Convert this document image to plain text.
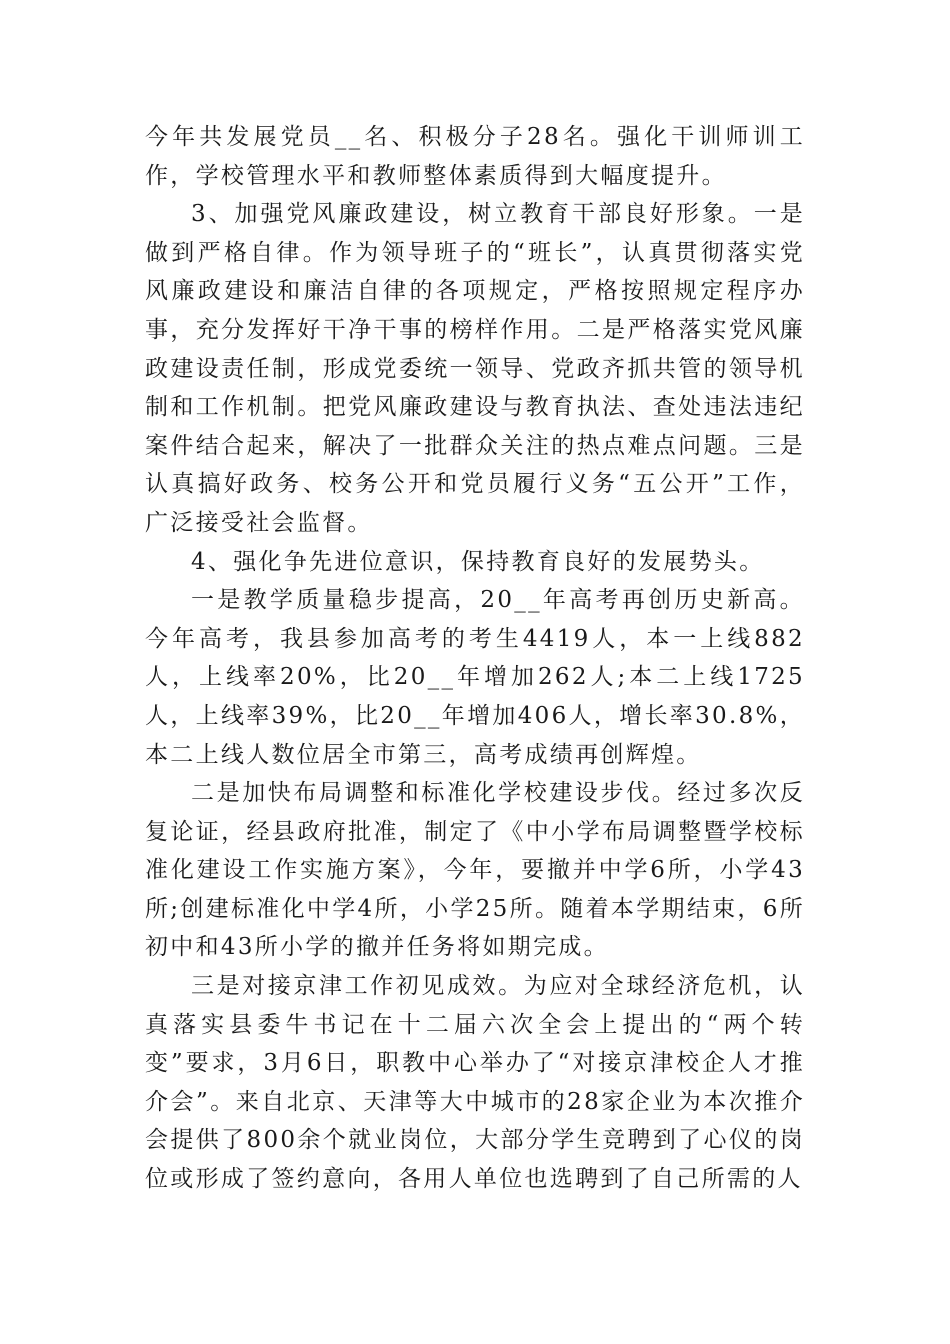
今年共发展党员__名、积极分子28名。强化干训师训工作，学校管理水平和教师整体素质得到大幅度提升。

3、加强党风廉政建设，树立教育干部良好形象。一是做到严格自律。作为领导班子的“班长”，认真贯彻落实党风廉政建设和廉洁自律的各项规定，严格按照规定程序办事，充分发挥好干净干事的榜样作用。二是严格落实党风廉政建设责任制，形成党委统一领导、党政齐抓共管的领导机制和工作机制。把党风廉政建设与教育执法、查处违法违纪案件结合起来，解决了一批群众关注的热点难点问题。三是认真搞好政务、校务公开和党员履行义务“五公开”工作，广泛接受社会监督。

4、强化争先进位意识，保持教育良好的发展势头。

一是教学质量稳步提高，20__年高考再创历史新高。今年高考，我县参加高考的考生4419人，本一上线882人，上线率20%，比20__年增加262人;本二上线1725人，上线率39%，比20__年增加406人，增长率30.8%，本二上线人数位居全市第三，高考成绩再创辉煌。

二是加快布局调整和标准化学校建设步伐。经过多次反复论证，经县政府批准，制定了《中小学布局调整暨学校标准化建设工作实施方案》，今年，要撤并中学6所，小学43所;创建标准化中学4所，小学25所。随着本学期结束，6所初中和43所小学的撤并任务将如期完成。

三是对接京津工作初见成效。为应对全球经济危机，认真落实县委牛书记在十二届六次全会上提出的“两个转变”要求，3月6日，职教中心举办了“对接京津校企人才推介会”。来自北京、天津等大中城市的28家企业为本次推介会提供了800余个就业岗位，大部分学生竞聘到了心仪的岗位或形成了签约意向，各用人单位也选聘到了自己所需的人
